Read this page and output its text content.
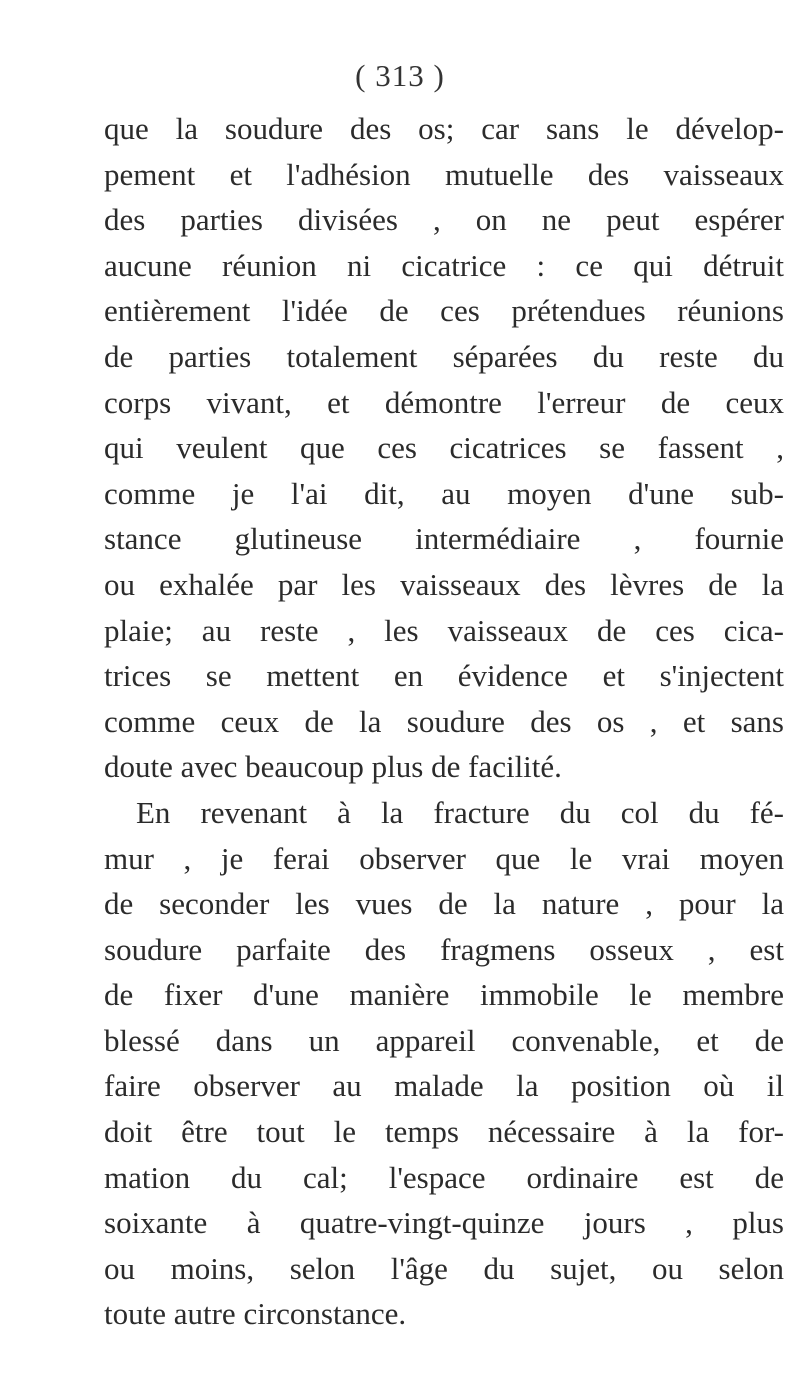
( 313 )
que la soudure des os; car sans le dévelop-
pement et l'adhésion mutuelle des vaisseaux
des parties divisées , on ne peut espérer
aucune réunion ni cicatrice : ce qui détruit
entièrement l'idée de ces prétendues réunions
de parties totalement séparées du reste du
corps vivant, et démontre l'erreur de ceux
qui veulent que ces cicatrices se fassent ,
comme je l'ai dit, au moyen d'une sub-
stance glutineuse intermédiaire , fournie
ou exhalée par les vaisseaux des lèvres de la
plaie; au reste , les vaisseaux de ces cica-
trices se mettent en évidence et s'injectent
comme ceux de la soudure des os , et sans
doute avec beaucoup plus de facilité.
En revenant à la fracture du col du fé-
mur , je ferai observer que le vrai moyen
de seconder les vues de la nature , pour la
soudure parfaite des fragmens osseux , est
de fixer d'une manière immobile le membre
blessé dans un appareil convenable, et de
faire observer au malade la position où il
doit être tout le temps nécessaire à la for-
mation du cal; l'espace ordinaire est de
soixante à quatre-vingt-quinze jours , plus
ou moins, selon l'âge du sujet, ou selon
toute autre circonstance.
